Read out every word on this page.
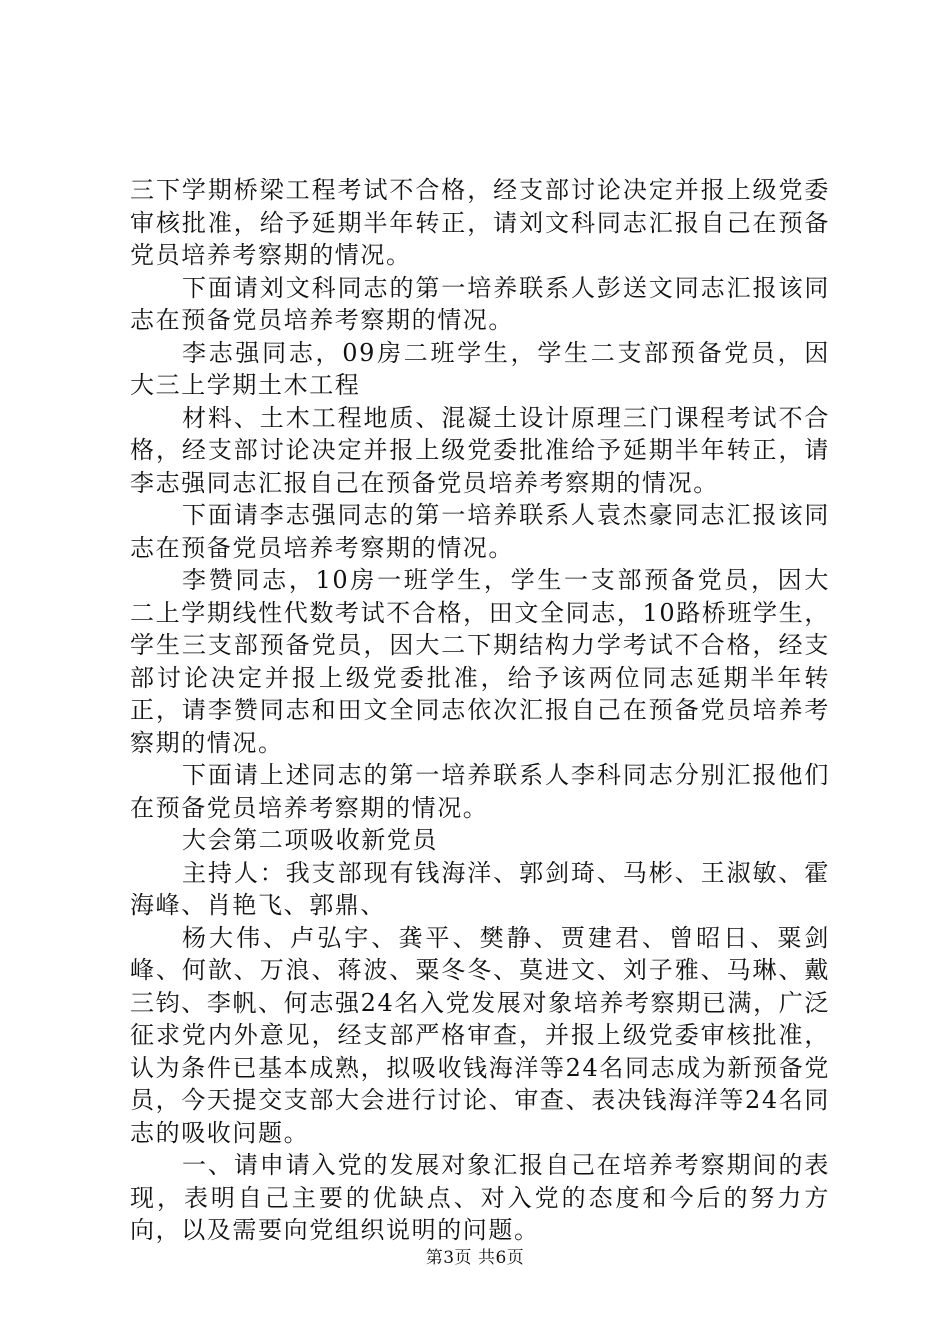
三下学期桥梁工程考试不合格，经支部讨论决定并报上级党委审核批准，给予延期半年转正，请刘文科同志汇报自己在预备党员培养考察期的情况。

下面请刘文科同志的第一培养联系人彭送文同志汇报该同志在预备党员培养考察期的情况。

李志强同志，09房二班学生，学生二支部预备党员，因大三上学期土木工程

材料、土木工程地质、混凝土设计原理三门课程考试不合格，经支部讨论决定并报上级党委批准给予延期半年转正，请李志强同志汇报自己在预备党员培养考察期的情况。

下面请李志强同志的第一培养联系人袁杰豪同志汇报该同志在预备党员培养考察期的情况。

李赞同志，10房一班学生，学生一支部预备党员，因大二上学期线性代数考试不合格，田文全同志，10路桥班学生，学生三支部预备党员，因大二下期结构力学考试不合格，经支部讨论决定并报上级党委批准，给予该两位同志延期半年转正，请李赞同志和田文全同志依次汇报自己在预备党员培养考察期的情况。

下面请上述同志的第一培养联系人李科同志分别汇报他们在预备党员培养考察期的情况。

大会第二项吸收新党员

主持人：我支部现有钱海洋、郭剑琦、马彬、王淑敏、霍海峰、肖艳飞、郭鼎、

杨大伟、卢弘宇、龚平、樊静、贾建君、曾昭日、粟剑峰、何歆、万浪、蒋波、粟冬冬、莫进文、刘子雅、马琳、戴三钧、李帆、何志强24名入党发展对象培养考察期已满，广泛征求党内外意见，经支部严格审查，并报上级党委审核批准，认为条件已基本成熟，拟吸收钱海洋等24名同志成为新预备党员，今天提交支部大会进行讨论、审查、表决钱海洋等24名同志的吸收问题。

一、请申请入党的发展对象汇报自己在培养考察期间的表现，表明自己主要的优缺点、对入党的态度和今后的努力方向，以及需要向党组织说明的问题。

第3页 共6页
